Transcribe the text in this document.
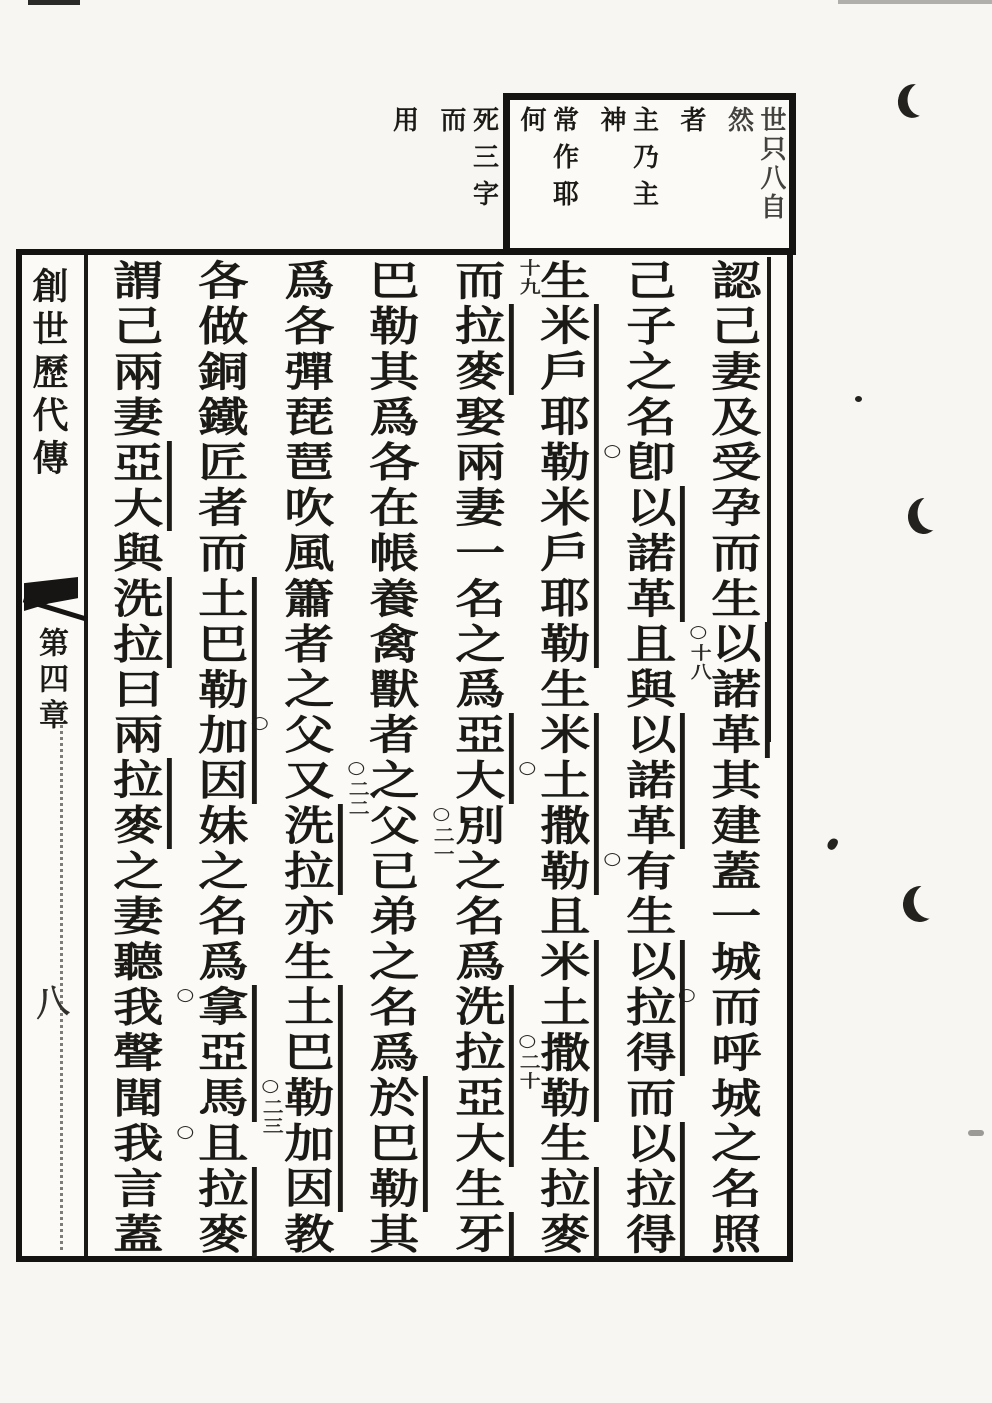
世只八自然
者
主乃主神
常作耶何
死三字而
用
創世歷代傳
第四章
八
認己妻及受孕而生以諾革其建蓋一城而呼城之名照
○
己子之名卽以諾革且與以諾革有生以拉得而以拉得
○十八
生米戶耶勒米戶耶勒生米土撒勒且米土撒勒生拉麥
○
○
而拉麥娶兩妻一名之爲亞大別之名爲洗拉亞大生牙
十九
○
○二十
巴勒其爲各在帳養禽獸者之父已弟之名爲於巴勒其
○二一
爲各彈琵琶吹風簫者之父又洗拉亦生土巴勒加因教
○
○二二
各做銅鐵匠者而土巴勒加因妹之名爲拿亞馬且拉麥
○二三
謂己兩妻亞大與洗拉曰兩拉麥之妻聽我聲聞我言蓋 ○
○
